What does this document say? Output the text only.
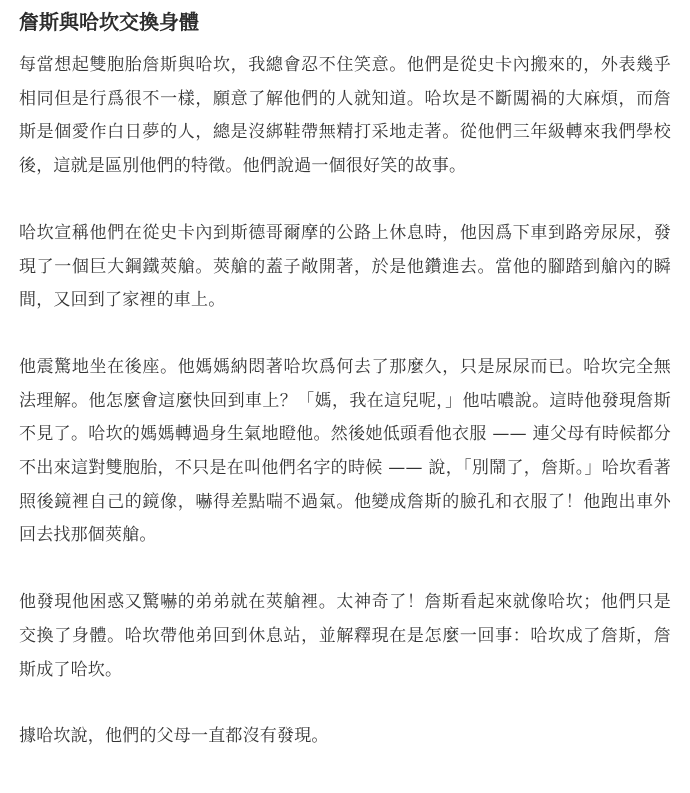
詹斯與哈坎交換身體

每當想起雙胞胎詹斯與哈坎，我總會忍不住笑意。他們是從史卡內搬來的，外表幾乎相同但是行爲很不一樣，願意了解他們的人就知道。哈坎是不斷闖禍的大麻煩，而詹斯是個愛作白日夢的人，總是沒綁鞋帶無精打采地走著。從他們三年級轉來我們學校後，這就是區別他們的特徵。他們說過一個很好笑的故事。

哈坎宣稱他們在從史卡內到斯德哥爾摩的公路上休息時，他因爲下車到路旁尿尿，發現了一個巨大鋼鐵莢艙。莢艙的蓋子敞開著，於是他鑽進去。當他的腳踏到艙內的瞬間，又回到了家裡的車上。

他震驚地坐在後座。他媽媽納悶著哈坎爲何去了那麼久，只是尿尿而已。哈坎完全無法理解。他怎麼會這麼快回到車上？「媽，我在這兒呢，」他咕噥說。這時他發現詹斯不見了。哈坎的媽媽轉過身生氣地瞪他。然後她低頭看他衣服 —— 連父母有時候都分不出來這對雙胞胎，不只是在叫他們名字的時候 —— 說，「別鬧了，詹斯。」哈坎看著照後鏡裡自己的鏡像，嚇得差點喘不過氣。他變成詹斯的臉孔和衣服了！他跑出車外回去找那個莢艙。

他發現他困惑又驚嚇的弟弟就在莢艙裡。太神奇了！詹斯看起來就像哈坎；他們只是交換了身體。哈坎帶他弟回到休息站，並解釋現在是怎麼一回事：哈坎成了詹斯，詹斯成了哈坎。

據哈坎說，他們的父母一直都沒有發現。
